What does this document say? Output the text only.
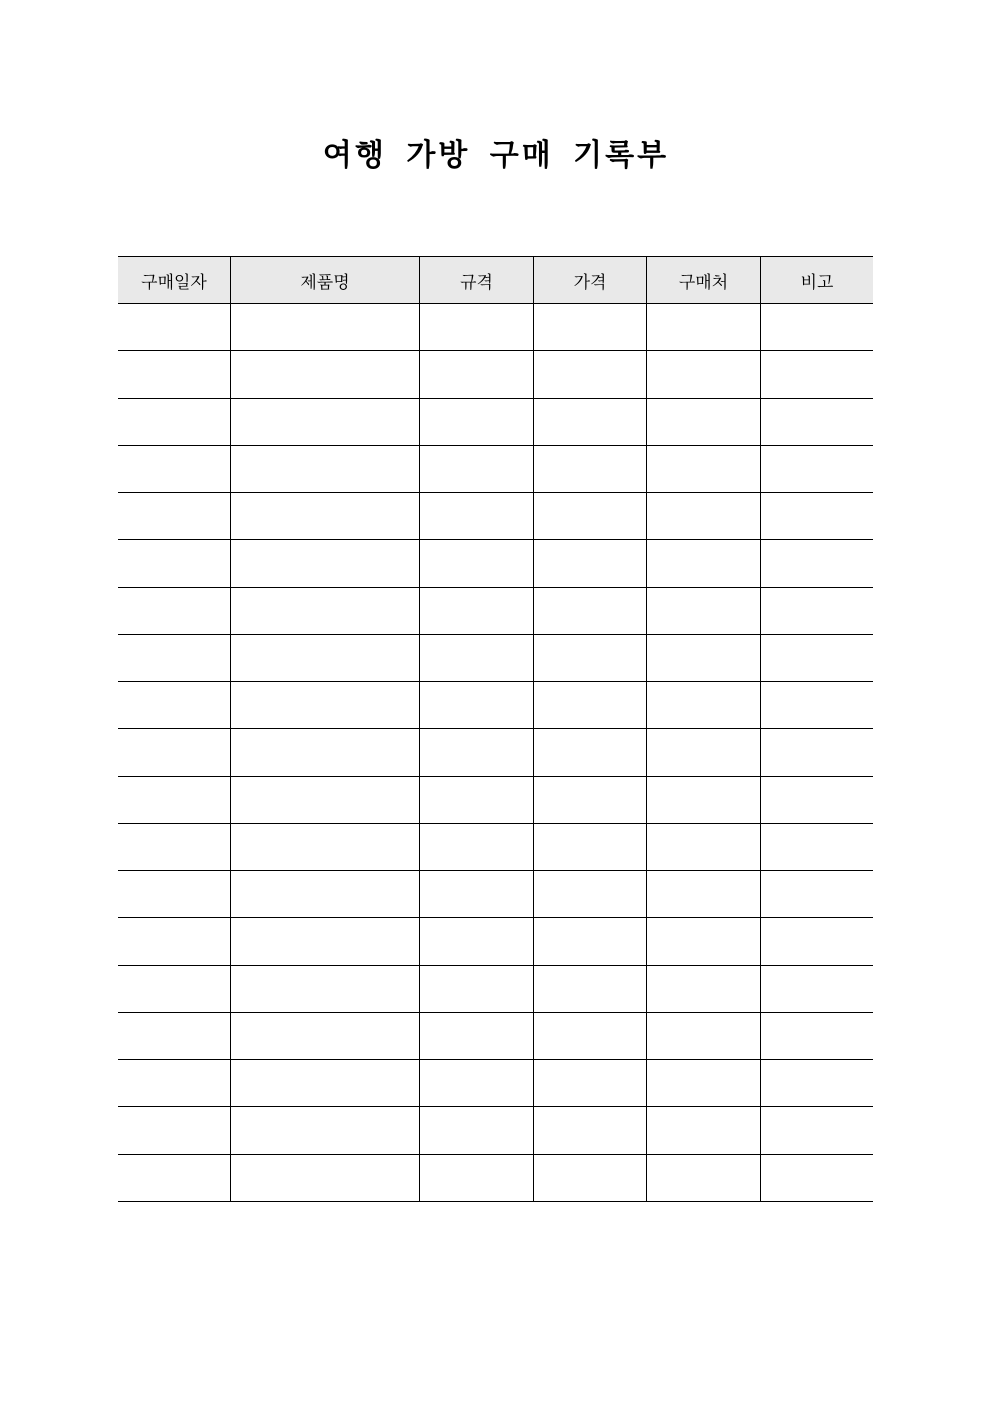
여행 가방 구매 기록부
구매일자	제품명	규격	가격	구매처	비고
